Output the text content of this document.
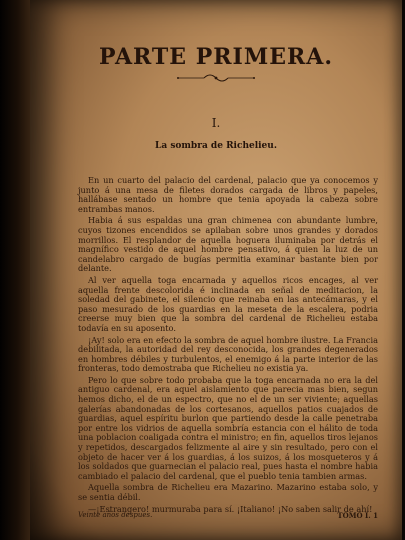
· · · · · · · · · ·
PARTE PRIMERA.
I.
La sombra de Richelieu.

En un cuarto del palacio del cardenal, palacio que ya conocemos y junto á una mesa de filetes dorados cargada de libros y papeles, hallábase sentado un hombre que tenia apoyada la cabeza sobre entrambas manos.

Habia á sus espaldas una gran chimenea con abundante lumbre, cuyos tizones encendidos se apilaban sobre unos grandes y dorados morrillos. El resplandor de aquella hoguera iluminaba por detrás el magnífico vestido de aquel hombre pensativo, á quien la luz de un candelabro cargado de bugías permitia examinar bastante bien por delante.

Al ver aquella toga encarnada y aquellos ricos encages, al ver aquella frente descolorida é inclinada en señal de meditacion, la soledad del gabinete, el silencio que reinaba en las antecámaras, y el paso mesurado de los guardias en la meseta de la escalera, podria creerse muy bien que la sombra del cardenal de Richelieu estaba todavía en su aposento.

¡Ay! solo era en efecto la sombra de aquel hombre ilustre. La Francia debilitada, la autoridad del rey desconocida, los grandes degenerados en hombres débiles y turbulentos, el enemigo á la parte interior de las fronteras, todo demostraba que Richelieu no existia ya.

Pero lo que sobre todo probaba que la toga encarnada no era la del antiguo cardenal, era aquel aislamiento que parecia mas bien, segun hemos dicho, el de un espectro, que no el de un ser viviente; aquellas galerías abandonadas de los cortesanos, aquellos patios cuajados de guardias, aquel espíritu burlon que partiendo desde la calle penetraba por entre los vidrios de aquella sombría estancia con el hálito de toda una poblacion coaligada contra el ministro; en fin, aquellos tiros lejanos y repetidos, descargados felizmente al aire y sin resultado, pero con el objeto de hacer ver á los guardias, á los suizos, á los mosqueteros y á los soldados que guarnecian el palacio real, pues hasta el nombre habia cambiado el palacio del cardenal, que el pueblo tenia tambien armas.

Aquella sombra de Richelieu era Mazarino. Mazarino estaba solo, y se sentia débil.

—¡Estrangero! murmuraba para sí. ¡Italiano! ¡No saben salir de ahí!

Veinte años despues.	TOMO I. 1
